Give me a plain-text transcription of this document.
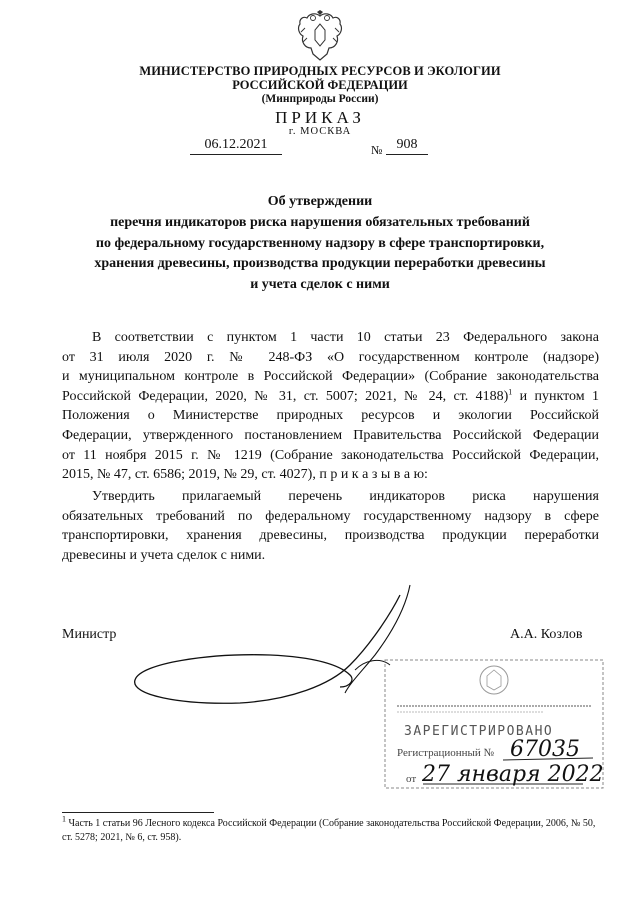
МИНИСТЕРСТВО ПРИРОДНЫХ РЕСУРСОВ И ЭКОЛОГИИ
РОССИЙСКОЙ ФЕДЕРАЦИИ
(Минприроды России)
ПРИКАЗ
г. МОСКВА
06.12.2021	№	908
Об утверждении
перечня индикаторов риска нарушения обязательных требований
по федеральному государственному надзору в сфере транспортировки,
хранения древесины, производства продукции переработки древесины
и учета сделок с ними
В соответствии с пунктом 1 части 10 статьи 23 Федерального закона
от 31 июля 2020 г. № 248-ФЗ «О государственном контроле (надзоре)
и муниципальном контроле в Российской Федерации» (Собрание законодательства
Российской Федерации, 2020, № 31, ст. 5007; 2021, № 24, ст. 4188)$^1$ и пунктом 1
Положения о Министерстве природных ресурсов и экологии Российской
Федерации, утвержденного постановлением Правительства Российской Федерации
от 11 ноября 2015 г. № 1219 (Собрание законодательства Российской Федерации,
2015, № 47, ст. 6586; 2019, № 29, ст. 4027), п р и к а з ы в а ю:
Утвердить прилагаемый перечень индикаторов риска нарушения
обязательных требований по федеральному государственному надзору в сфере
транспортировки, хранения древесины, производства продукции переработки
древесины и учета сделок с ними.
Министр	А.А. Козлов
ЗАРЕГИСТРИРОВАНО
Регистрационный № 67035
от 27 января 2022
$^1$ Часть 1 статьи 96 Лесного кодекса Российской Федерации (Собрание законодательства Российской Федерации, 2006, № 50, ст. 5278; 2021, № 6, ст. 958).
